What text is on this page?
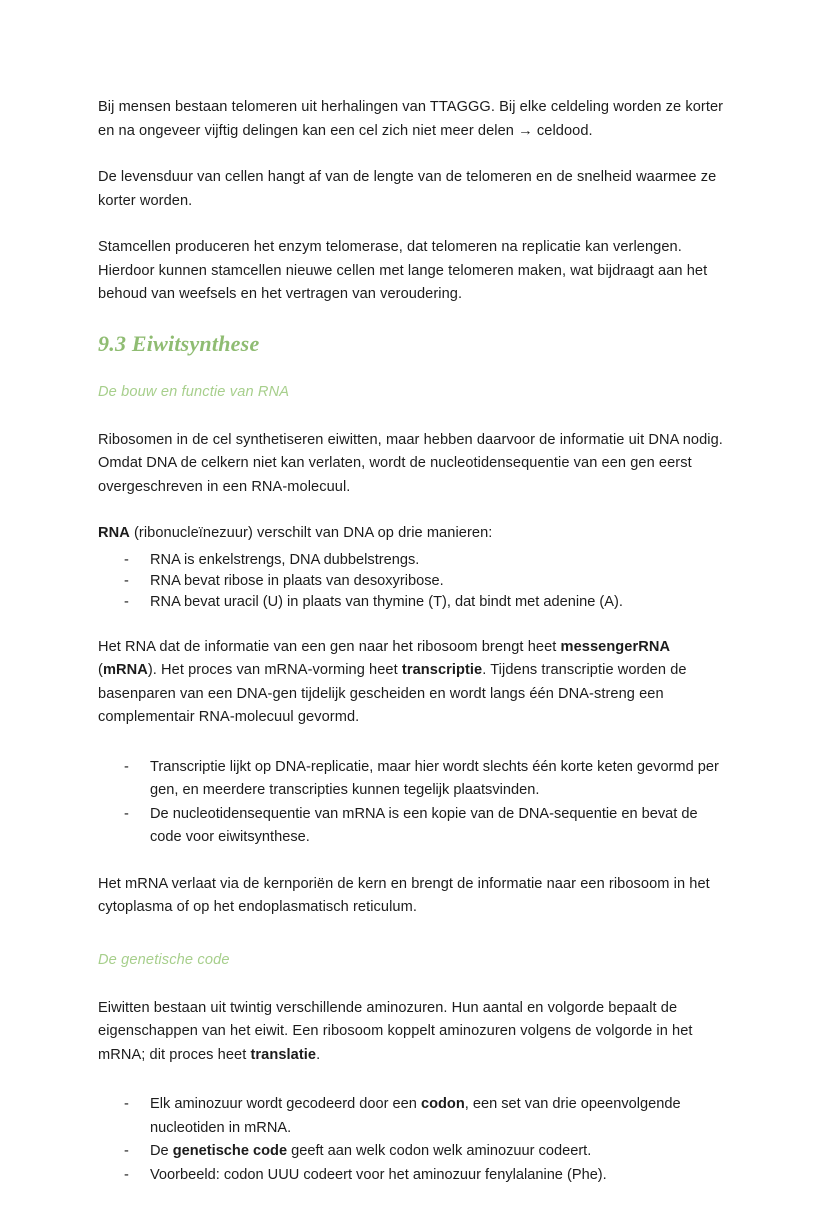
Bij mensen bestaan telomeren uit herhalingen van TTAGGG. Bij elke celdeling worden ze korter en na ongeveer vijftig delingen kan een cel zich niet meer delen → celdood.

De levensduur van cellen hangt af van de lengte van de telomeren en de snelheid waarmee ze korter worden.

Stamcellen produceren het enzym telomerase, dat telomeren na replicatie kan verlengen. Hierdoor kunnen stamcellen nieuwe cellen met lange telomeren maken, wat bijdraagt aan het behoud van weefsels en het vertragen van veroudering.

9.3 Eiwitsynthese
De bouw en functie van RNA

Ribosomen in de cel synthetiseren eiwitten, maar hebben daarvoor de informatie uit DNA nodig. Omdat DNA de celkern niet kan verlaten, wordt de nucleotidensequentie van een gen eerst overgeschreven in een RNA-molecuul.

RNA (ribonucleïnezuur) verschilt van DNA op drie manieren:

- RNA is enkelstrengs, DNA dubbelstrengs.
- RNA bevat ribose in plaats van desoxyribose.
- RNA bevat uracil (U) in plaats van thymine (T), dat bindt met adenine (A).

Het RNA dat de informatie van een gen naar het ribosoom brengt heet messengerRNA (mRNA). Het proces van mRNA-vorming heet transcriptie. Tijdens transcriptie worden de basenparen van een DNA-gen tijdelijk gescheiden en wordt langs één DNA-streng een complementair RNA-molecuul gevormd.

- Transcriptie lijkt op DNA-replicatie, maar hier wordt slechts één korte keten gevormd per gen, en meerdere transcripties kunnen tegelijk plaatsvinden.
- De nucleotidensequentie van mRNA is een kopie van de DNA-sequentie en bevat de code voor eiwitsynthese.

Het mRNA verlaat via de kernporiën de kern en brengt de informatie naar een ribosoom in het cytoplasma of op het endoplasmatisch reticulum.

De genetische code

Eiwitten bestaan uit twintig verschillende aminozuren. Hun aantal en volgorde bepaalt de eigenschappen van het eiwit. Een ribosoom koppelt aminozuren volgens de volgorde in het mRNA; dit proces heet translatie.

- Elk aminozuur wordt gecodeerd door een codon, een set van drie opeenvolgende nucleotiden in mRNA.
- De genetische code geeft aan welk codon welk aminozuur codeert.
- Voorbeeld: codon UUU codeert voor het aminozuur fenylalanine (Phe).
